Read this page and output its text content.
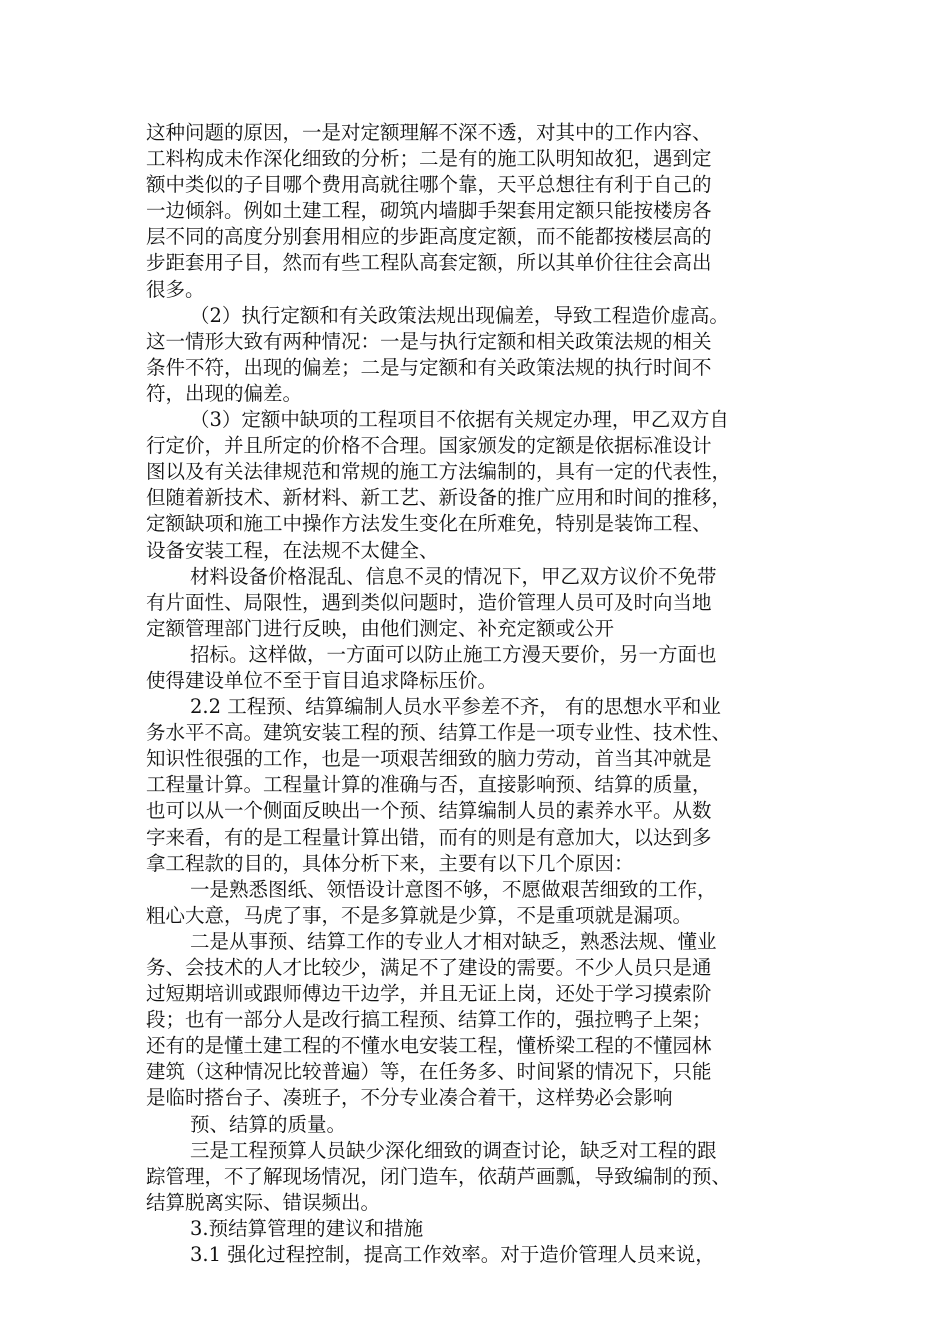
这种问题的原因，一是对定额理解不深不透，对其中的工作内容、
工料构成未作深化细致的分析；二是有的施工队明知故犯，遇到定
额中类似的子目哪个费用高就往哪个靠，天平总想往有利于自己的
一边倾斜。例如土建工程，砌筑内墙脚手架套用定额只能按楼房各
层不同的高度分别套用相应的步距高度定额，而不能都按楼层高的
步距套用子目，然而有些工程队高套定额，所以其单价往往会高出
很多。
（2）执行定额和有关政策法规出现偏差，导致工程造价虚高。
这一情形大致有两种情况：一是与执行定额和相关政策法规的相关
条件不符，出现的偏差；二是与定额和有关政策法规的执行时间不
符，出现的偏差。
（3）定额中缺项的工程项目不依据有关规定办理，甲乙双方自
行定价，并且所定的价格不合理。国家颁发的定额是依据标准设计
图以及有关法律规范和常规的施工方法编制的，具有一定的代表性，
但随着新技术、新材料、新工艺、新设备的推广应用和时间的推移，
定额缺项和施工中操作方法发生变化在所难免，特别是装饰工程、
设备安装工程，在法规不太健全、
材料设备价格混乱、信息不灵的情况下，甲乙双方议价不免带
有片面性、局限性，遇到类似问题时，造价管理人员可及时向当地
定额管理部门进行反映，由他们测定、补充定额或公开
招标。这样做，一方面可以防止施工方漫天要价，另一方面也
使得建设单位不至于盲目追求降标压价。
2.2 工程预、结算编制人员水平参差不齐， 有的思想水平和业
务水平不高。建筑安装工程的预、结算工作是一项专业性、技术性、
知识性很强的工作，也是一项艰苦细致的脑力劳动，首当其冲就是
工程量计算。工程量计算的准确与否，直接影响预、结算的质量，
也可以从一个侧面反映出一个预、结算编制人员的素养水平。从数
字来看，有的是工程量计算出错，而有的则是有意加大，以达到多
拿工程款的目的，具体分析下来，主要有以下几个原因：
一是熟悉图纸、领悟设计意图不够，不愿做艰苦细致的工作，
粗心大意，马虎了事，不是多算就是少算，不是重项就是漏项。
二是从事预、结算工作的专业人才相对缺乏，熟悉法规、懂业
务、会技术的人才比较少，满足不了建设的需要。不少人员只是通
过短期培训或跟师傅边干边学，并且无证上岗，还处于学习摸索阶
段；也有一部分人是改行搞工程预、结算工作的，强拉鸭子上架；
还有的是懂土建工程的不懂水电安装工程，懂桥梁工程的不懂园林
建筑（这种情况比较普遍）等，在任务多、时间紧的情况下，只能
是临时搭台子、凑班子，不分专业凑合着干，这样势必会影响
预、结算的质量。
三是工程预算人员缺少深化细致的调查讨论，缺乏对工程的跟
踪管理，不了解现场情况，闭门造车，依葫芦画瓢，导致编制的预、
结算脱离实际、错误频出。
3.预结算管理的建议和措施
3.1 强化过程控制，提高工作效率。对于造价管理人员来说，
